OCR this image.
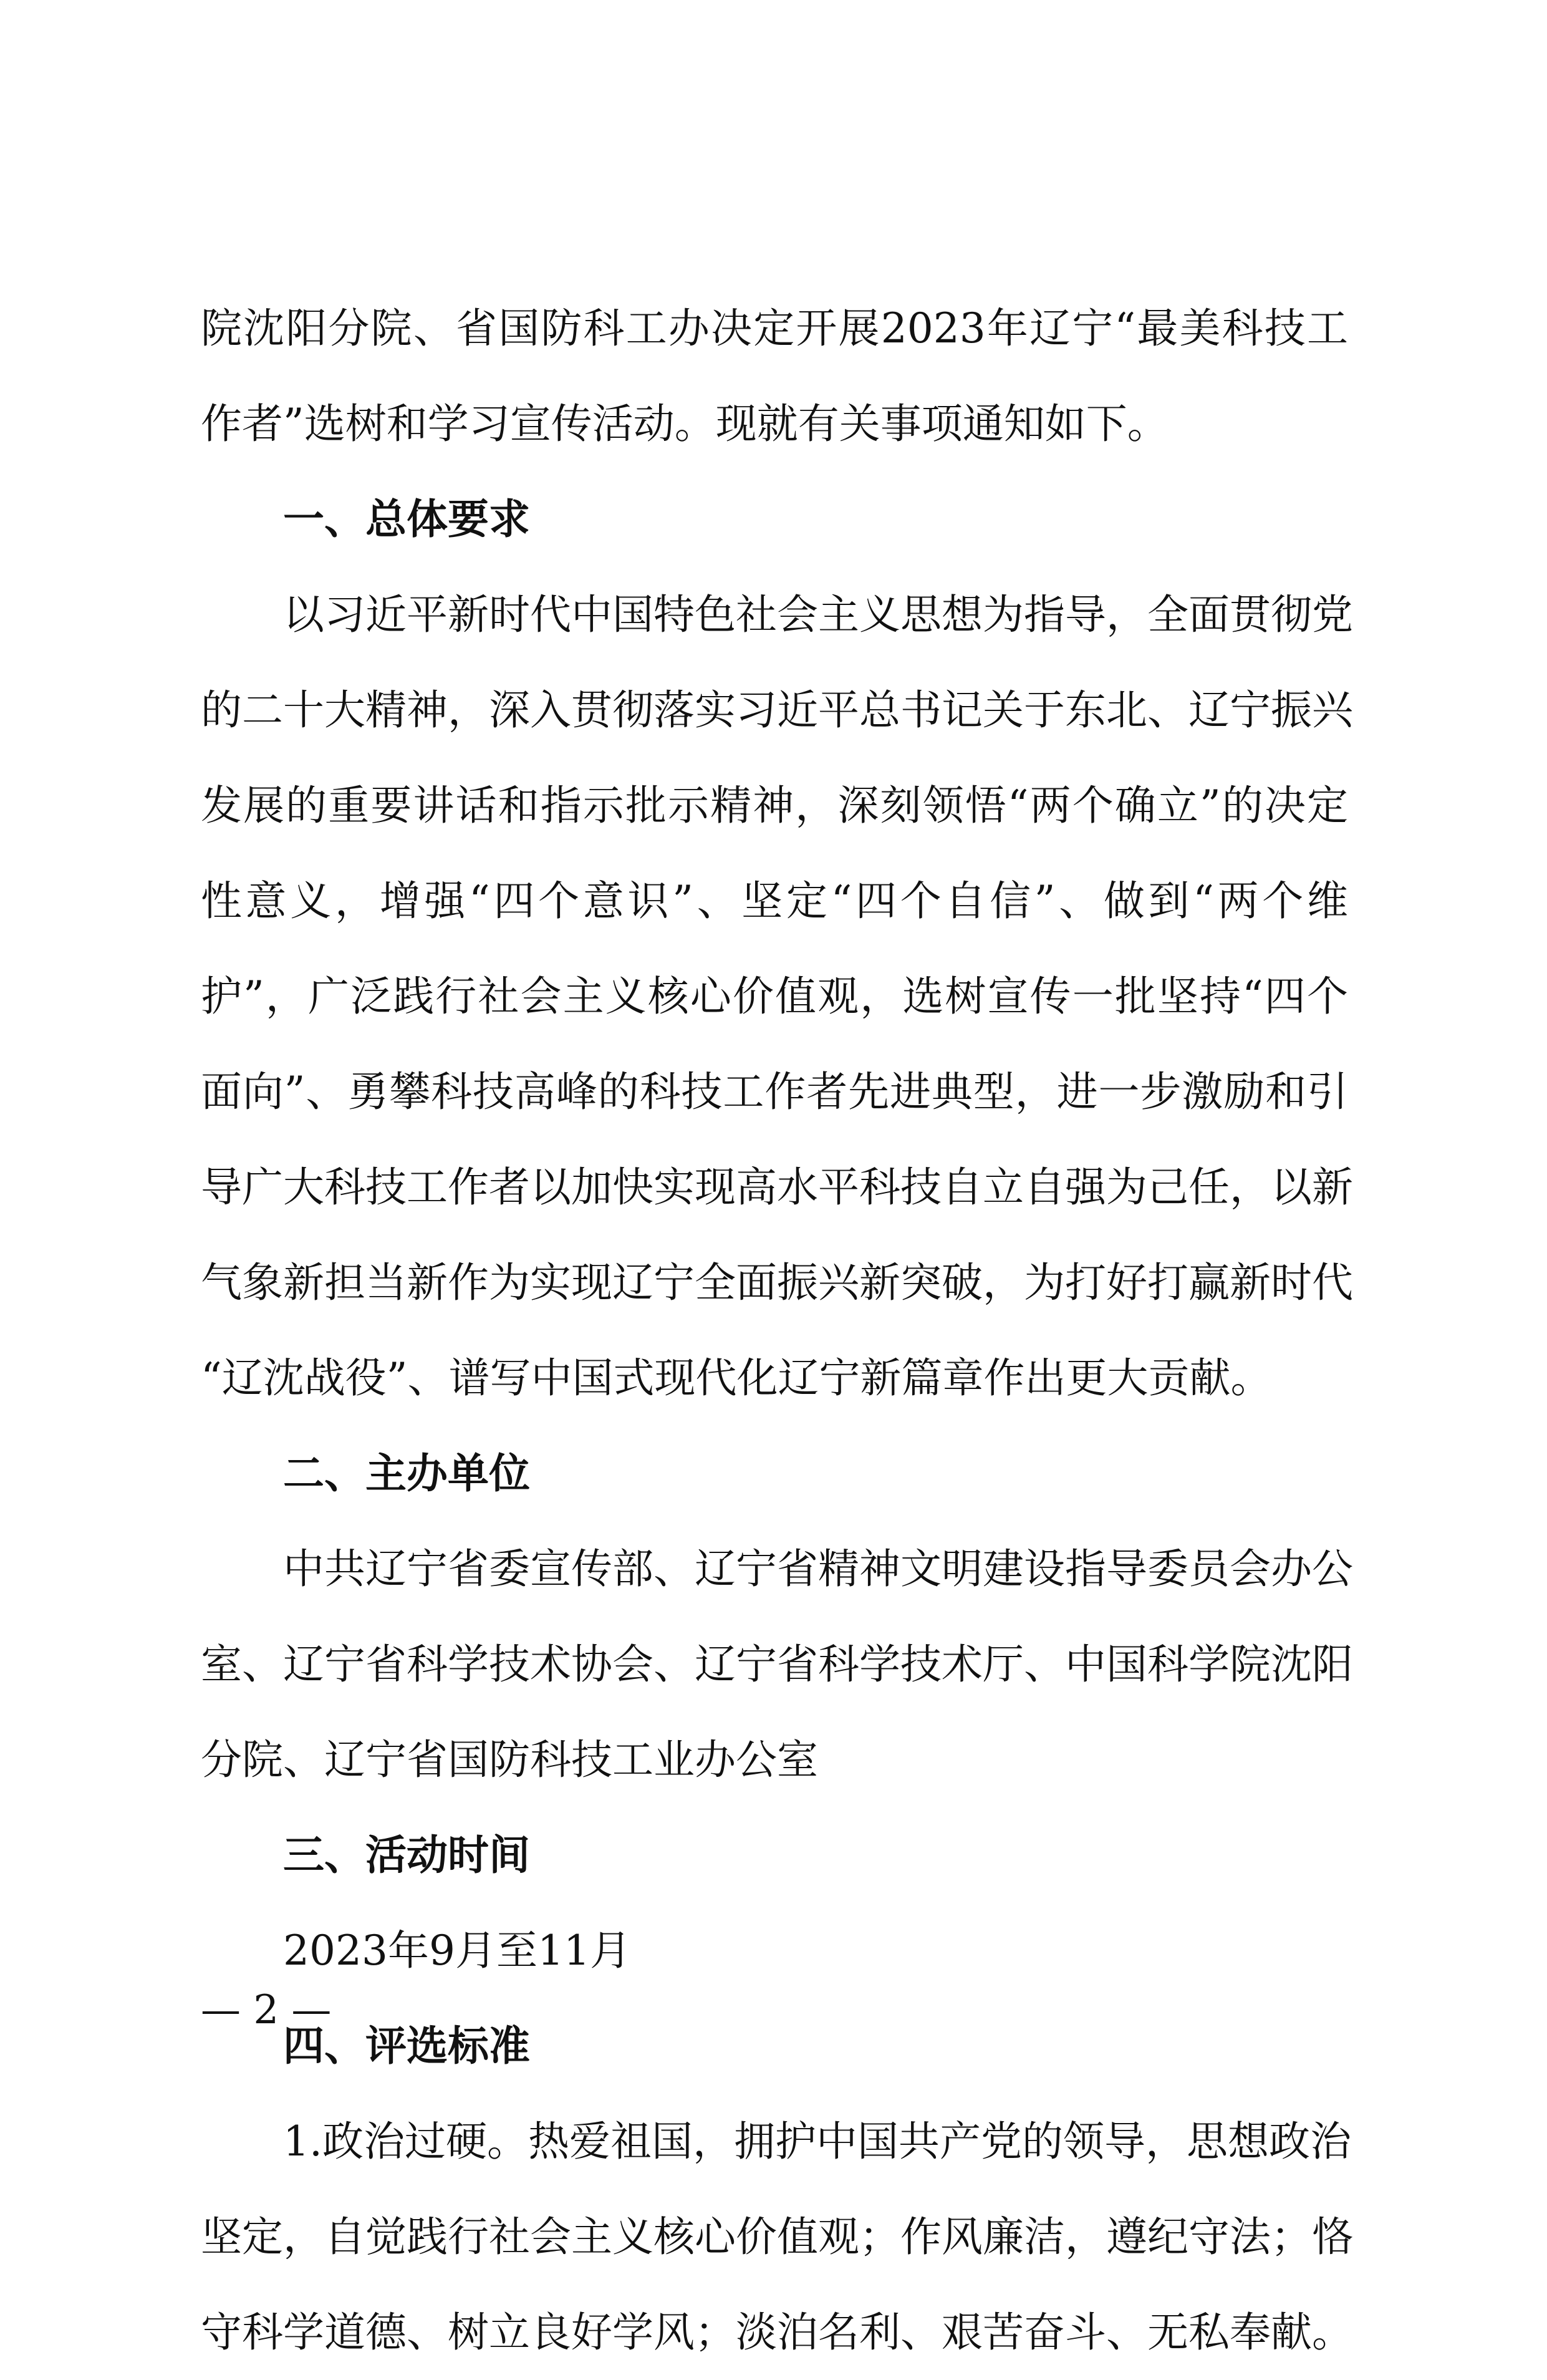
院沈阳分院、省国防科工办决定开展2023年辽宁“最美科技工
作者”选树和学习宣传活动。现就有关事项通知如下。
一、总体要求
以习近平新时代中国特色社会主义思想为指导，全面贯彻党
的二十大精神，深入贯彻落实习近平总书记关于东北、辽宁振兴
发展的重要讲话和指示批示精神，深刻领悟“两个确立”的决定
性意义，增强“四个意识”、坚定“四个自信”、做到“两个维
护”，广泛践行社会主义核心价值观，选树宣传一批坚持“四个
面向”、勇攀科技高峰的科技工作者先进典型，进一步激励和引
导广大科技工作者以加快实现高水平科技自立自强为己任，以新
气象新担当新作为实现辽宁全面振兴新突破，为打好打赢新时代
“辽沈战役”、谱写中国式现代化辽宁新篇章作出更大贡献。
二、主办单位
中共辽宁省委宣传部、辽宁省精神文明建设指导委员会办公
室、辽宁省科学技术协会、辽宁省科学技术厅、中国科学院沈阳
分院、辽宁省国防科技工业办公室
三、活动时间
2023年9月至11月
四、评选标准
1.政治过硬。热爱祖国，拥护中国共产党的领导，思想政治
坚定，自觉践行社会主义核心价值观；作风廉洁，遵纪守法；恪
守科学道德、树立良好学风；淡泊名利、艰苦奋斗、无私奉献。
— 2 —
